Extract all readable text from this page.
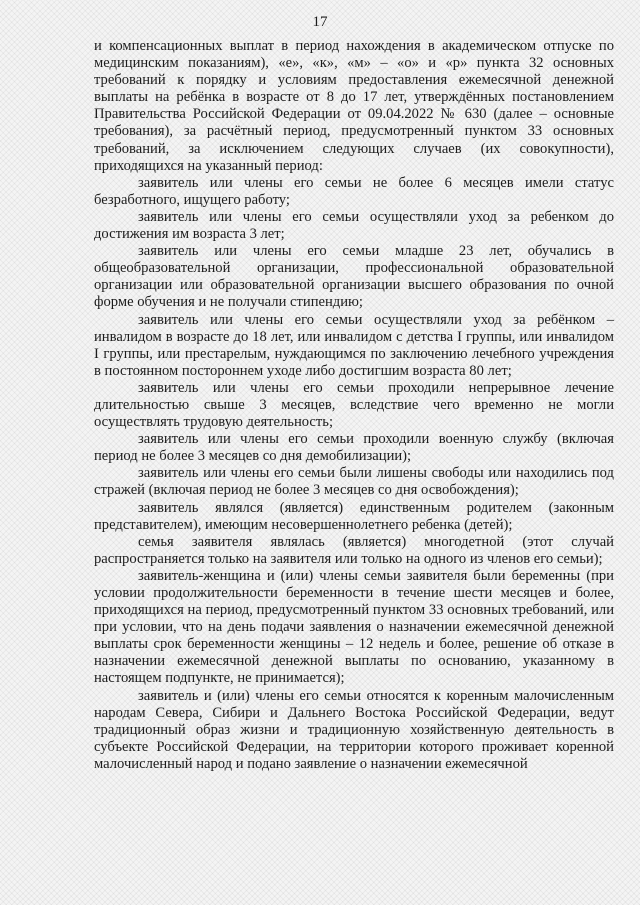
17

и компенсационных выплат в период нахождения в академическом отпуске по медицинским показаниям), «е», «к», «м» – «о» и «р» пункта 32 основных требований к порядку и условиям предоставления ежемесячной денежной выплаты на ребёнка в возрасте от 8 до 17 лет, утверждённых постановлением Правительства Российской Федерации от 09.04.2022 № 630 (далее – основные требования), за расчётный период, предусмотренный пунктом 33 основных требований, за исключением следующих случаев (их совокупности), приходящихся на указанный период:

заявитель или члены его семьи не более 6 месяцев имели статус безработного, ищущего работу;

заявитель или члены его семьи осуществляли уход за ребенком до достижения им возраста 3 лет;

заявитель или члены его семьи младше 23 лет, обучались в общеобразовательной организации, профессиональной образовательной организации или образовательной организации высшего образования по очной форме обучения и не получали стипендию;

заявитель или члены его семьи осуществляли уход за ребёнком – инвалидом в возрасте до 18 лет, или инвалидом с детства I группы, или инвалидом I группы, или престарелым, нуждающимся по заключению лечебного учреждения в постоянном постороннем уходе либо достигшим возраста 80 лет;

заявитель или члены его семьи проходили непрерывное лечение длительностью свыше 3 месяцев, вследствие чего временно не могли осуществлять трудовую деятельность;

заявитель или члены его семьи проходили военную службу (включая период не более 3 месяцев со дня демобилизации);

заявитель или члены его семьи были лишены свободы или находились под стражей (включая период не более 3 месяцев со дня освобождения);

заявитель являлся (является) единственным родителем (законным представителем), имеющим несовершеннолетнего ребенка (детей);

семья заявителя являлась (является) многодетной (этот случай распространяется только на заявителя или только на одного из членов его семьи);

заявитель-женщина и (или) члены семьи заявителя были беременны (при условии продолжительности беременности в течение шести месяцев и более, приходящихся на период, предусмотренный пунктом 33 основных требований, или при условии, что на день подачи заявления о назначении ежемесячной денежной выплаты срок беременности женщины – 12 недель и более, решение об отказе в назначении ежемесячной денежной выплаты по основанию, указанному в настоящем подпункте, не принимается);

заявитель и (или) члены его семьи относятся к коренным малочисленным народам Севера, Сибири и Дальнего Востока Российской Федерации, ведут традиционный образ жизни и традиционную хозяйственную деятельность в субъекте Российской Федерации, на территории которого проживает коренной малочисленный народ и подано заявление о назначении ежемесячной
